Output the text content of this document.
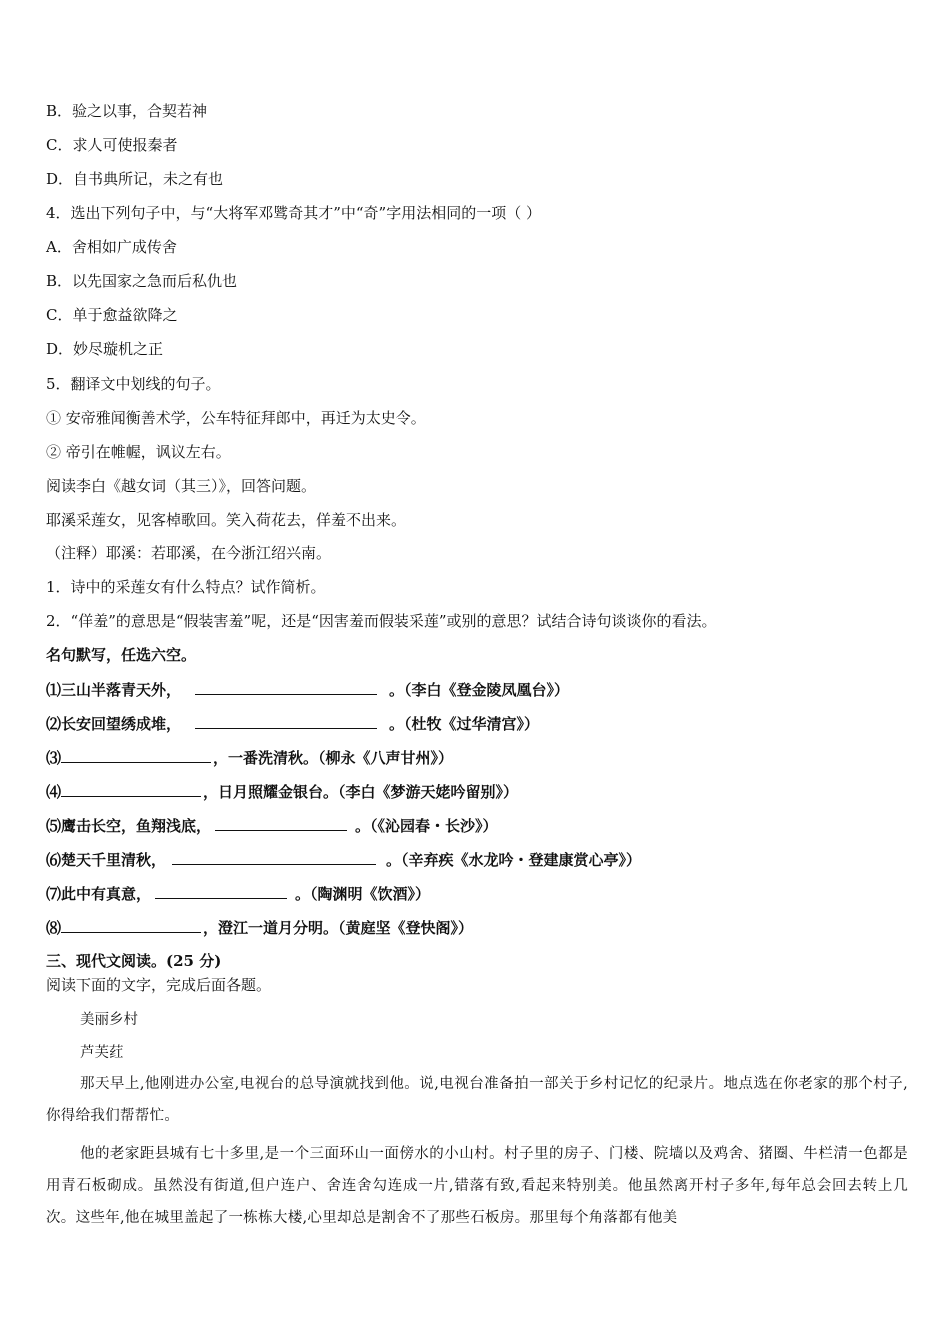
B．验之以事，合契若神
C．求人可使报秦者
D．自书典所记，未之有也
4．选出下列句子中，与“大将军邓骘奇其才”中“奇”字用法相同的一项（ ）
A．舍相如广成传舍
B．以先国家之急而后私仇也
C．单于愈益欲降之
D．妙尽璇机之正
5．翻译文中划线的句子。
① 安帝雅闻衡善术学，公车特征拜郎中，再迁为太史令。
② 帝引在帷幄，讽议左右。
阅读李白《越女词（其三）》，回答问题。
耶溪采莲女，见客棹歌回。笑入荷花去，佯羞不出来。
（注释）耶溪：若耶溪，在今浙江绍兴南。
1．诗中的采莲女有什么特点？试作简析。
2．“佯羞”的意思是“假装害羞”呢，还是“因害羞而假装采莲”或别的意思？试结合诗句谈谈你的看法。
名句默写，任选六空。
⑴三山半落青天外，	。（李白《登金陵凤凰台》）
⑵长安回望绣成堆，	。（杜牧《过华清宫》）
⑶	，一番洗清秋。（柳永《八声甘州》）
⑷	，日月照耀金银台。（李白《梦游天姥吟留别》）
⑸鹰击长空，鱼翔浅底，	。（《沁园春・长沙》）
⑹楚天千里清秋，	。（辛弃疾《水龙吟・登建康赏心亭》）
⑺此中有真意，	。（陶渊明《饮酒》）
⑻	，澄江一道月分明。（黄庭坚《登快阁》）
三、现代文阅读。(25 分)
阅读下面的文字，完成后面各题。
美丽乡村
芦芙荭
那天早上,他刚进办公室,电视台的总导演就找到他。说,电视台准备拍一部关于乡村记忆的纪录片。地点选在你老家的那个村子,你得给我们帮帮忙。
他的老家距县城有七十多里,是一个三面环山一面傍水的小山村。村子里的房子、门楼、院墙以及鸡舍、猪圈、牛栏清一色都是用青石板砌成。虽然没有街道,但户连户、舍连舍勾连成一片,错落有致,看起来特别美。他虽然离开村子多年,每年总会回去转上几次。这些年,他在城里盖起了一栋栋大楼,心里却总是割舍不了那些石板房。那里每个角落都有他美
